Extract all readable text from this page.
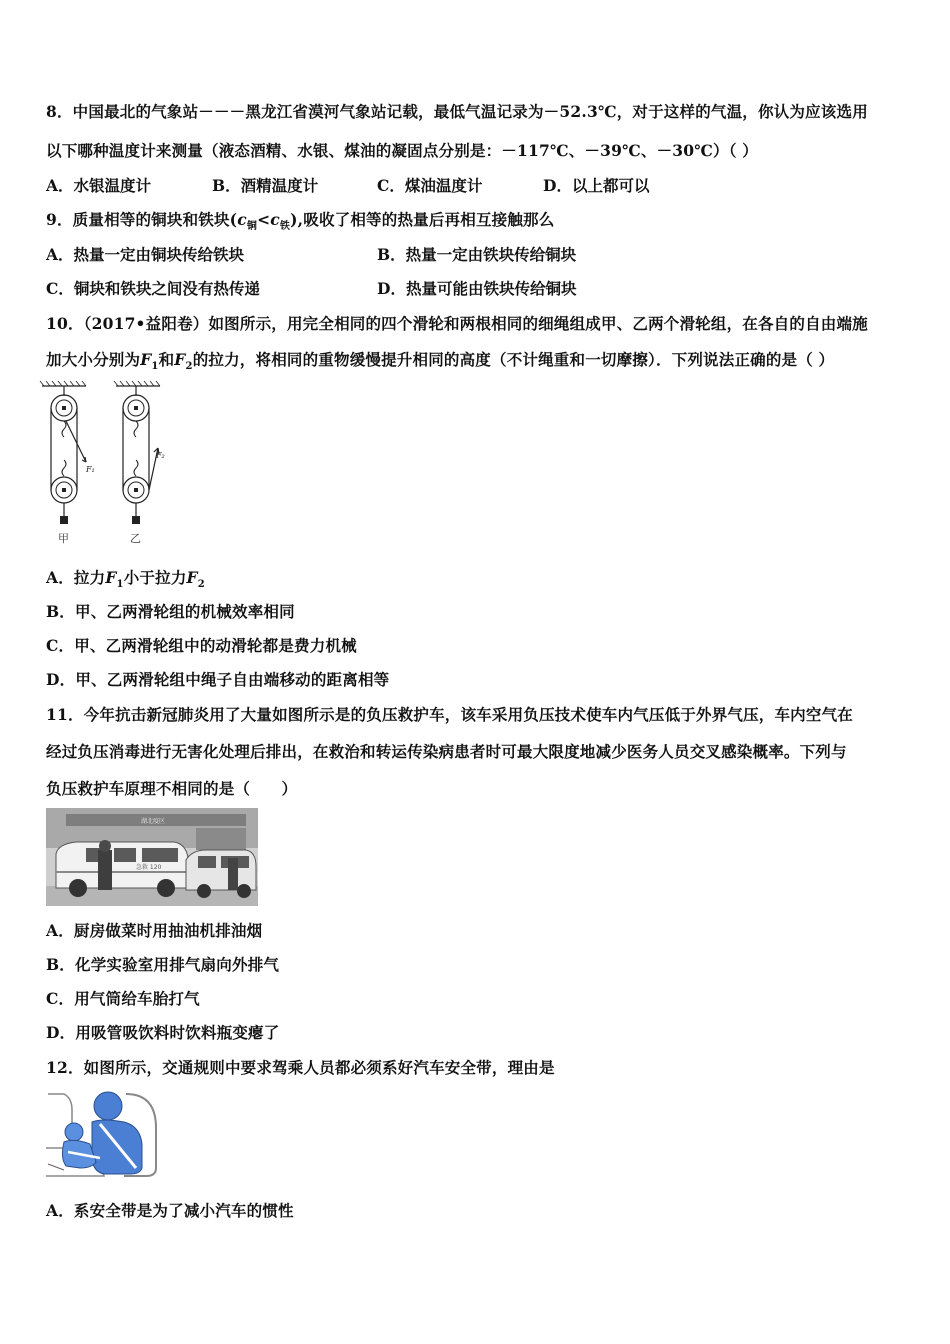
8．中国最北的气象站－－－黑龙江省漠河气象站记载，最低气温记录为－52.3℃，对于这样的气温，你认为应该选用
以下哪种温度计来测量（液态酒精、水银、煤油的凝固点分别是：－117℃、－39℃、－30℃）（ ）
A．水银温度计	B．酒精温度计	C．煤油温度计	D．以上都可以
9．质量相等的铜块和铁块$(c_铜<c_铁)$,吸收了相等的热量后再相互接触那么
A．热量一定由铜块传给铁块	B．热量一定由铁块传给铜块
C．铜块和铁块之间没有热传递	D．热量可能由铁块传给铜块
10．（2017•益阳卷）如图所示，用完全相同的四个滑轮和两根相同的细绳组成甲、乙两个滑轮组，在各自的自由端施
加大小分别为$F_1$和$F_2$的拉力，将相同的重物缓慢提升相同的高度（不计绳重和一切摩擦）．下列说法正确的是（ ）
F₁
F₂
甲	乙
A．拉力$F_1$小于拉力$F_2$
B．甲、乙两滑轮组的机械效率相同
C．甲、乙两滑轮组中的动滑轮都是费力机械
D．甲、乙两滑轮组中绳子自由端移动的距离相等
11．今年抗击新冠肺炎用了大量如图所示是的负压救护车，该车采用负压技术使车内气压低于外界气压，车内空气在
经过负压消毒进行无害化处理后排出，在救治和转运传染病患者时可最大限度地减少医务人员交叉感染概率。下列与
负压救护车原理不相同的是（　　）
湖北疫区
急救 120
A．厨房做菜时用抽油机排油烟
B．化学实验室用排气扇向外排气
C．用气筒给车胎打气
D．用吸管吸饮料时饮料瓶变瘪了
12．如图所示，交通规则中要求驾乘人员都必须系好汽车安全带，理由是
A．系安全带是为了减小汽车的惯性
